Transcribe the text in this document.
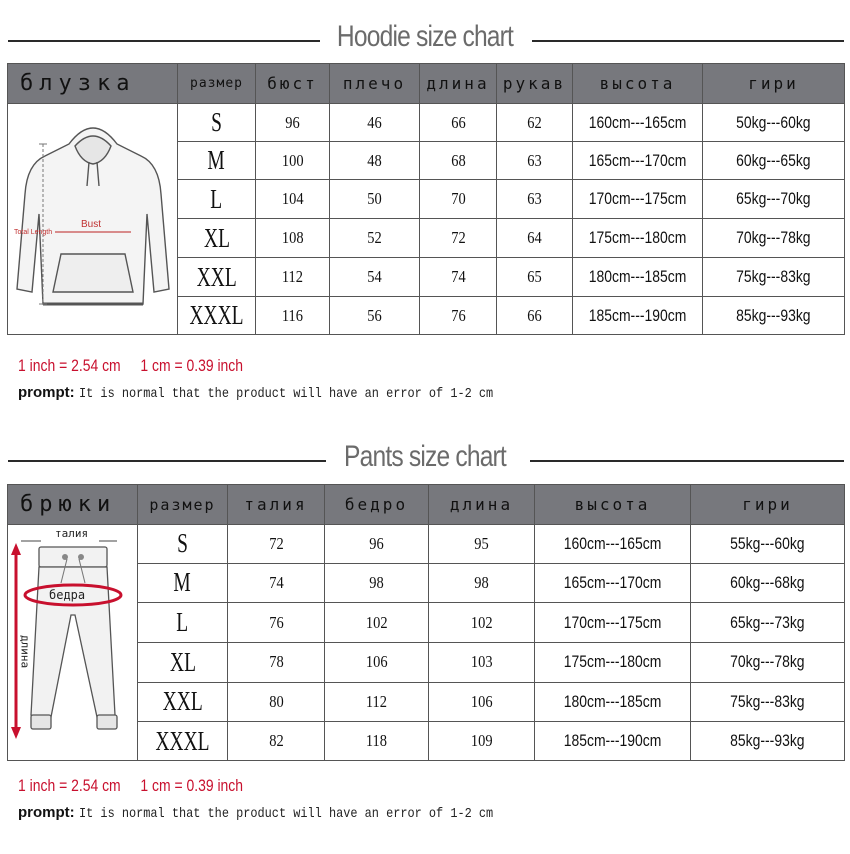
Hoodie size chart
блузка	размер	бюст	плечо	длина	рукав	высота	гири

Total Length
Bust	S	96	46	66	62	160cm---165cm	50kg---60kg
	M	100	48	68	63	165cm---170cm	60kg---65kg
	L	104	50	70	63	170cm---175cm	65kg---70kg
	XL	108	52	72	64	175cm---180cm	70kg---78kg
	XXL	112	54	74	65	180cm---185cm	75kg---83kg
	XXXL	116	56	76	66	185cm---190cm	85kg---93kg
1 inch = 2.54 cm 1 cm = 0.39 inch
prompt: It is normal that the product will have an error of 1-2 cm
Pants size chart
брюки	размер	талия	бедро	длина	высота	гири

талия
бедра
длина	S	72	96	95	160cm---165cm	55kg---60kg
	M	74	98	98	165cm---170cm	60kg---68kg
	L	76	102	102	170cm---175cm	65kg---73kg
	XL	78	106	103	175cm---180cm	70kg---78kg
	XXL	80	112	106	180cm---185cm	75kg---83kg
	XXXL	82	118	109	185cm---190cm	85kg---93kg
1 inch = 2.54 cm 1 cm = 0.39 inch
prompt: It is normal that the product will have an error of 1-2 cm
